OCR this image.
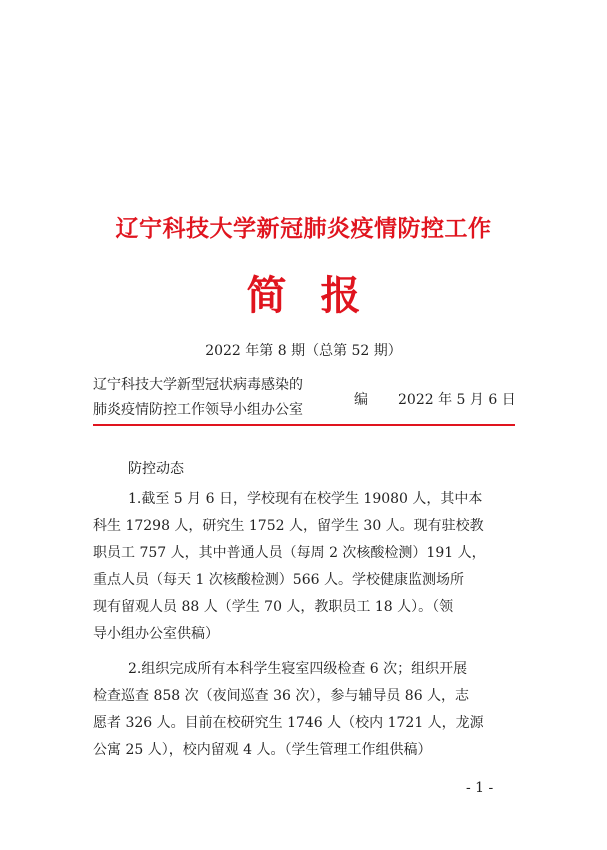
辽宁科技大学新冠肺炎疫情防控工作
简报
2022 年第 8 期（总第 52 期）
辽宁科技大学新型冠状病毒感染的
肺炎疫情防控工作领导小组办公室
编 2022 年 5 月 6 日
防控动态
1.截至 5 月 6 日，学校现有在校学生 19080 人，其中本
科生 17298 人，研究生 1752 人，留学生 30 人。现有驻校教
职员工 757 人，其中普通人员（每周 2 次核酸检测）191 人，
重点人员（每天 1 次核酸检测）566 人。学校健康监测场所
现有留观人员 88 人（学生 70 人，教职员工 18 人）。（领
导小组办公室供稿）
2.组织完成所有本科学生寝室四级检查 6 次；组织开展
检查巡查 858 次（夜间巡查 36 次），参与辅导员 86 人，志
愿者 326 人。目前在校研究生 1746 人（校内 1721 人，龙源
公寓 25 人），校内留观 4 人。（学生管理工作组供稿）
- 1 -
